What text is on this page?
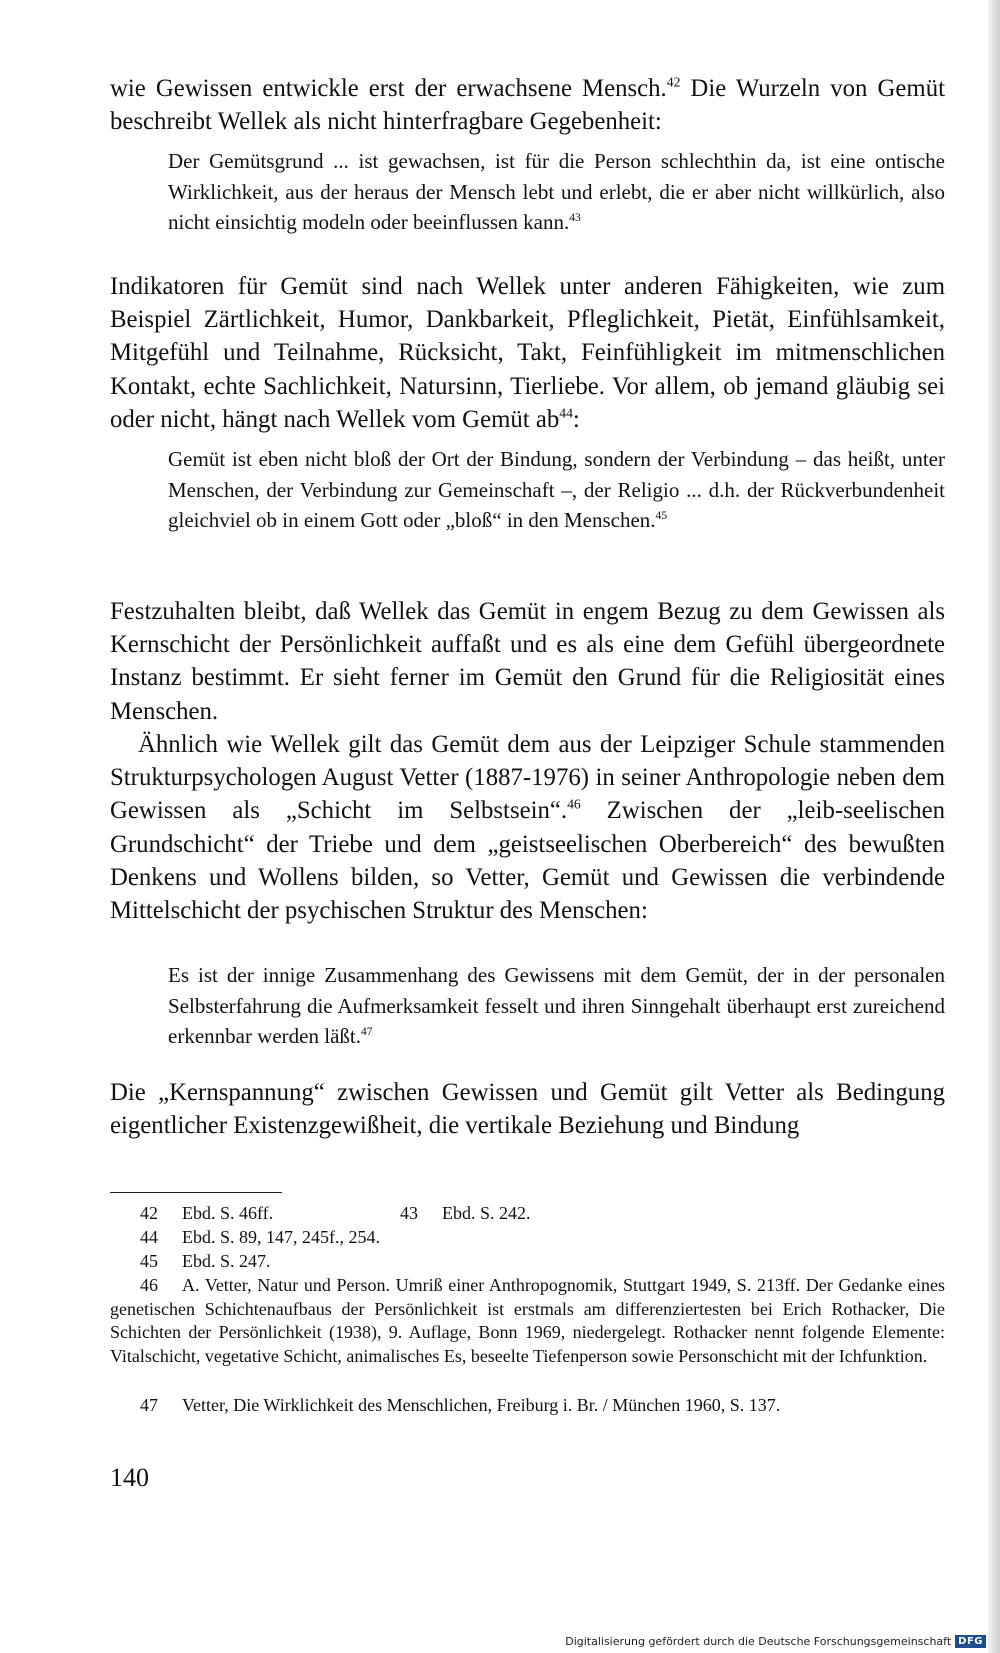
wie Gewissen entwickle erst der erwachsene Mensch.$^{42}$ Die Wurzeln von Gemüt beschreibt Wellek als nicht hinterfragbare Gegebenheit:

Der Gemütsgrund ... ist gewachsen, ist für die Person schlechthin da, ist eine ontische Wirklichkeit, aus der heraus der Mensch lebt und erlebt, die er aber nicht willkürlich, also nicht einsichtig modeln oder beeinflussen kann.$^{43}$

Indikatoren für Gemüt sind nach Wellek unter anderen Fähigkeiten, wie zum Beispiel Zärtlichkeit, Humor, Dankbarkeit, Pfleglichkeit, Pietät, Einfühlsamkeit, Mitgefühl und Teilnahme, Rücksicht, Takt, Feinfühligkeit im mitmenschlichen Kontakt, echte Sachlichkeit, Natursinn, Tierliebe. Vor allem, ob jemand gläubig sei oder nicht, hängt nach Wellek vom Gemüt $ab^{44}$:

Gemüt ist eben nicht bloß der Ort der Bindung, sondern der Verbindung – das heißt, unter Menschen, der Verbindung zur Gemeinschaft –, der Religio ... d.h. der Rückverbundenheit gleichviel ob in einem Gott oder „bloß“ in den Menschen.$^{45}$

Festzuhalten bleibt, daß Wellek das Gemüt in engem Bezug zu dem Gewissen als Kernschicht der Persönlichkeit auffaßt und es als eine dem Gefühl übergeordnete Instanz bestimmt. Er sieht ferner im Gemüt den Grund für die Religiosität eines Menschen.

Ähnlich wie Wellek gilt das Gemüt dem aus der Leipziger Schule stammenden Strukturpsychologen August Vetter (1887-1976) in seiner Anthropologie neben dem Gewissen als „Schicht im Selbstsein“.$^{46}$ Zwischen der „leib-seelischen Grundschicht“ der Triebe und dem „geistseelischen Oberbereich“ des bewußten Denkens und Wollens bilden, so Vetter, Gemüt und Gewissen die verbindende Mittelschicht der psychischen Struktur des Menschen:

Es ist der innige Zusammenhang des Gewissens mit dem Gemüt, der in der personalen Selbsterfahrung die Aufmerksamkeit fesselt und ihren Sinngehalt überhaupt erst zureichend erkennbar werden läßt.$^{47}$

Die „Kernspannung“ zwischen Gewissen und Gemüt gilt Vetter als Bedingung eigentlicher Existenzgewißheit, die vertikale Beziehung und Bindung

42 Ebd. S. 46ff.	43 Ebd. S. 242.

44 Ebd. S. 89, 147, 245f., 254.

45 Ebd. S. 247.

46 A. Vetter, Natur und Person. Umriß einer Anthropognomik, Stuttgart 1949, S. 213ff. Der Gedanke eines genetischen Schichtenaufbaus der Persönlichkeit ist erstmals am differenziertesten bei Erich Rothacker, Die Schichten der Persönlichkeit (1938), 9. Auflage, Bonn 1969, niedergelegt. Rothacker nennt folgende Elemente: Vitalschicht, vegetative Schicht, animalisches Es, beseelte Tiefenperson sowie Personschicht mit der Ichfunktion.

47 Vetter, Die Wirklichkeit des Menschlichen, Freiburg i. Br. / München 1960, S. 137.

140
Digitalisierung gefördert durch die Deutsche Forschungsgemeinschaft DFG
